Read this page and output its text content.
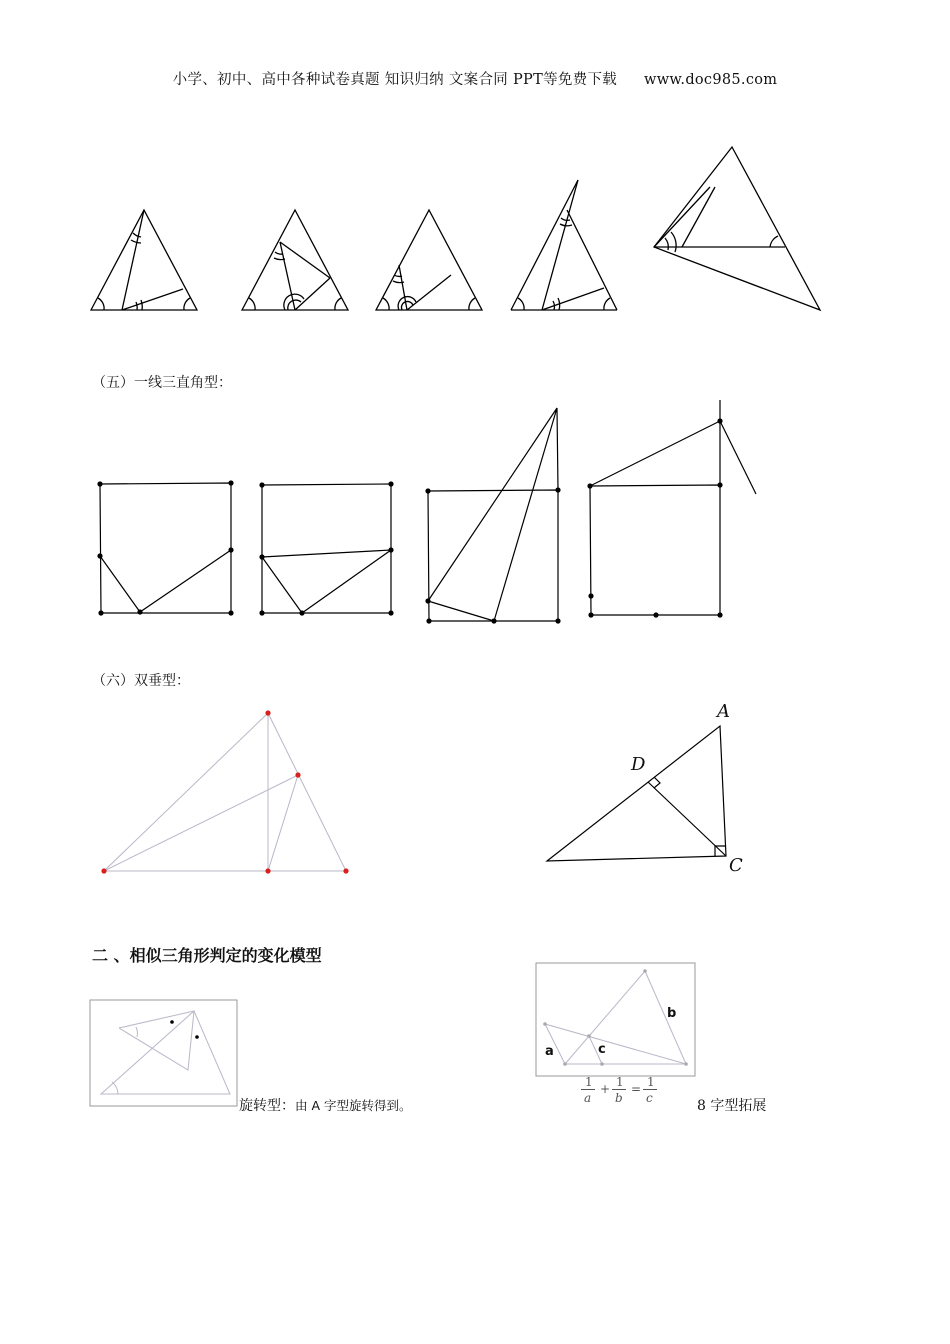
小学、初中、高中各种试卷真题 知识归纳 文案合同 PPT等免费下载 www.doc985.com
（五）一线三直角型：
（六）双垂型：
A
D
C
二 、相似三角形判定的变化模型
旋转型：由 A 字型旋转得到。
a	c
b
1
a
+ 1
b
= 1
c	8 字型拓展
